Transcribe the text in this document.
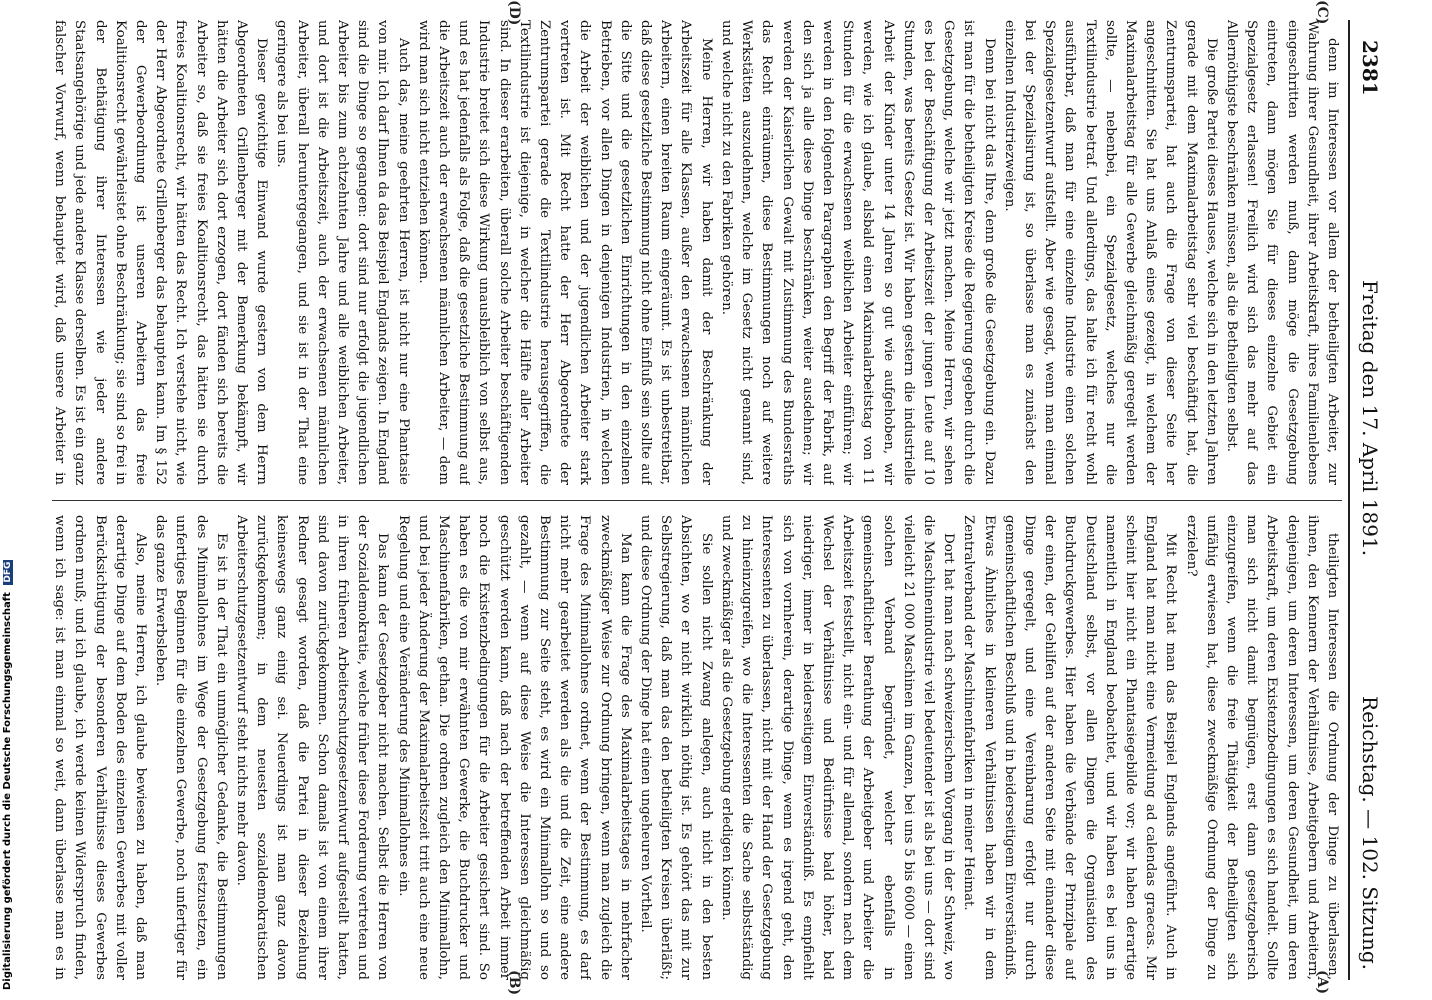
Digitalisierung gefördert durch die Deutsche Forschungsgemeinschaft DFG
2381
Freitag den 17. April 1891.
Reichstag. — 102. Sitzung.
(A)
(B)
(C)
(D)

denn im Interessen vor allem der betheiligten Arbeiter, zur Wahrung ihrer Gesundheit, ihrer Arbeitskraft, ihres Familienlebens eingeschritten werden muß, dann möge die Gesetzgebung eintreten, dann mögen Sie für dieses einzelne Gebiet ein Spezialgesetz erlassen! Freilich wird sich das mehr auf das Allernöthigste beschränken müssen, als die Betheiligten selbst.

Die große Partei dieses Hauses, welche sich in den letzten Jahren gerade mit dem Maximalarbeitstag sehr viel beschäftigt hat, die Zentrumspartei, hat auch die Frage von dieser Seite her angeschnitten. Sie hat uns Anlaß eines gezeigt, in welchem der Maximalarbeitstag für alle Gewerbe gleichmäßig geregelt werden sollte, — nebenbei, ein Spezialgesetz, welches nur die Textilindustrie betraf. Und allerdings, das halte ich für recht wohl ausführbar, daß man für eine einzelne Industrie einen solchen Spezialgesetzentwurf aufstellt. Aber wie gesagt, wenn man einmal bei der Spezialisirung ist, so überlasse man es zunächst den einzelnen Industriezweigen.

Denn bei nicht das Ihre, denn große die Gesetzgebung ein. Dazu ist man für die betheiligten Kreise die Regierung gegeben durch die Gesetzgebung, welche wir jetzt machen. Meine Herren, wir sehen es bei der Beschäftigung der Arbeitszeit der jungen Leute auf 10 Stunden, was bereits Gesetz ist. Wir haben gestern die industrielle Arbeit der Kinder unter 14 Jahren so gut wie aufgehoben, wir werden, wie ich glaube, alsbald einen Maximalarbeitstag von 11 Stunden für die erwachsenen weiblichen Arbeiter einführen; wir werden in den folgenden Paragraphen den Begriff der Fabrik, auf den sich ja alle diese Dinge beschränken, weiter ausdehnen; wir werden der Kaiserlichen Gewalt mit Zustimmung des Bundesraths das Recht einräumen, diese Bestimmungen noch auf weitere Werkstätten auszudehnen, welche im Gesetz nicht genannt sind, und welche nicht zu den Fabriken gehören.

Meine Herren, wir haben damit der Beschränkung der Arbeitszeit für alle Klassen, außer den erwachsenen männlichen Arbeitern, einen breiten Raum eingeräumt. Es ist unbestreitbar, daß diese gesetzliche Bestimmung nicht ohne Einfluß sein sollte auf die Sitte und die gesetzlichen Einrichtungen in den einzelnen Betrieben, vor allen Dingen in denjenigen Industrien, in welchen die Arbeit der weiblichen und der jugendlichen Arbeiter stark vertreten ist. Mit Recht hatte der Herr Abgeordnete der Zentrumspartei gerade die Textilindustrie herausgegriffen, die Textilindustrie ist diejenige, in welcher die Hälfte aller Arbeiter sind. In dieser erarbeiten, überall solche Arbeiter beschäftigenden Industrie breitet sich diese Wirkung unausbleiblich von selbst aus, und es hat jedenfalls als Folge, daß die gesetzliche Bestimmung auf die Arbeitszeit auch der erwachsenen männlichen Arbeiter, — dem wird man sich nicht entziehen können.

Auch das, meine geehrten Herren, ist nicht nur eine Phantasie von mir. Ich darf Ihnen da das Beispiel Englands zeigen. In England sind die Dinge so gegangen: dort sind nur erfolgt die jugendlichen Arbeiter bis zum achtzehnten Jahre und alle weiblichen Arbeiter, und dort ist die Arbeitszeit, auch der erwachsenen männlichen Arbeiter, überall heruntergegangen, und sie ist in der That eine geringere als bei uns.

Dieser gewichtige Einwand wurde gestern von dem Herrn Abgeordneten Grillenberger mit der Bemerkung bekämpft, wir hätten die Arbeiter sich dort erzogen, dort fänden sich bereits die Arbeiter so, daß sie freies Koalitionsrecht, das hätten sie durch freies Koalitionsrecht, wir hätten das Recht. Ich verstehe nicht, wie der Herr Abgeordnete Grillenberger das behaupten kann. Im § 152 der Gewerbeordnung ist unseren Arbeitern das freie Koalitionsrecht gewährleistet ohne Beschränkung; sie sind so frei in der Bethätigung ihrer Interessen wie jeder andere Staatsangehörige und jede andere Klasse derselben. Es ist ein ganz falscher Vorwurf, wenn behauptet wird, daß unsere Arbeiter in

theiligten Interessen die Ordnung der Dinge zu überlassen, ihnen, den Kennern der Verhältnisse, Arbeitgebern und Arbeitern, denjenigen, um deren Interessen, um deren Gesundheit, um deren Arbeitskraft, um deren Existenzbedingungen es sich handelt. Sollte man sich nicht damit begnügen, erst dann gesetzgeberisch einzugreifen, wenn die freie Thätigkeit der Betheiligten sich unfähig erwiesen hat, diese zweckmäßige Ordnung der Dinge zu erzielen?

Mit Recht hat man das Beispiel Englands angeführt. Auch in England hat man nicht eine Vermeidung ad calendas graecas. Mir scheint hier nicht ein Phantasiegebilde vor; wir haben derartige namentlich in England beobachtet, und wir haben es bei uns in Deutschland selbst, vor allen Dingen die Organisation des Buchdruckgewerbes. Hier haben die Verbände der Prinzipale auf der einen, der Gehilfen auf der anderen Seite mit einander diese Dinge geregelt, und eine Vereinbarung erfolgt nur durch gemeinschaftlichen Beschluß und in beiderseitigem Einverständniß. Etwas Ähnliches in kleineren Verhältnissen haben wir in dem Zentralverband der Maschinenfabriken in meiner Heimat.

Dort hat man nach schweizerischem Vorgang in der Schweiz, wo die Maschinenindustrie viel bedeutender ist als bei uns — dort sind vielleicht 21 000 Maschinen im Ganzen, bei uns 5 bis 6000 — einen solchen Verband begründet, welcher ebenfalls in gemeinschaftlicher Berathung der Arbeitgeber und Arbeiter die Arbeitszeit feststellt, nicht ein- und für allemal, sondern nach dem Wechsel der Verhältnisse und Bedürfnisse bald höher, bald niedriger, immer in beiderseitigem Einverständniß. Es empfiehlt sich von vornherein, derartige Dinge, wenn es irgend geht, den Interessenten zu überlassen, nicht mit der Hand der Gesetzgebung zu hineinzugreifen, wo die Interessenten die Sache selbstständig und zweckmäßiger als die Gesetzgebung erledigen können.

Sie sollen nicht Zwang anlegen, auch nicht in den besten Absichten, wo er nicht wirklich nöthig ist. Es gehört das mit zur Selbstregierung, daß man das den betheiligten Kreisen überläßt; und diese Ordnung der Dinge hat einen ungeheuren Vortheil.

Man kann die Frage des Maximalarbeitstages in mehrfacher zweckmäßiger Weise zur Ordnung bringen, wenn man zugleich die Frage des Minimallohnes ordnet, wenn der Bestimmung, es darf nicht mehr gearbeitet werden als die und die Zeit, eine andere Bestimmung zur Seite steht, es wird ein Minimallohn so und so gezahlt, — wenn auf diese Weise die Interessen gleichmäßig geschützt werden kann, daß nach der betreffenden Arbeit immer noch die Existenzbedingungen für die Arbeiter gesichert sind. So haben es die von mir erwähnten Gewerke, die Buchdrucker und Maschinenfabriken, gethan. Die ordnen zugleich den Minimallohn, und bei jeder Änderung der Maximalarbeitszeit tritt auch eine neue Regelung und eine Veränderung des Minimallohnes ein.

Das kann der Gesetzgeber nicht machen. Selbst die Herren von der Sozialdemokratie, welche früher diese Forderung vertreten und in ihren früheren Arbeiterschutzgesetzentwurf aufgestellt hatten, sind davon zurückgekommen. Schon damals ist von einem ihrer Redner gesagt worden, daß die Partei in dieser Beziehung keineswegs ganz einig sei. Neuerdings ist man ganz davon zurückgekommen; in dem neuesten sozialdemokratischen Arbeiterschutzgesetzentwurf steht nichts mehr davon.

Es ist in der That ein unmöglicher Gedanke, die Bestimmungen des Minimallohnes im Wege der Gesetzgebung festzusetzen, ein unfertiges Beginnen für die einzelnen Gewerbe, noch unfertiger für das ganze Erwerbsleben.

Also, meine Herren, ich glaube bewiesen zu haben, daß man derartige Dinge auf dem Boden des einzelnen Gewerbes mit voller Berücksichtigung der besonderen Verhältnisse dieses Gewerbes ordnen muß; und ich glaube, ich werde keinen Widerspruch finden, wenn ich sage: ist man einmal so weit, dann überlasse man es in
